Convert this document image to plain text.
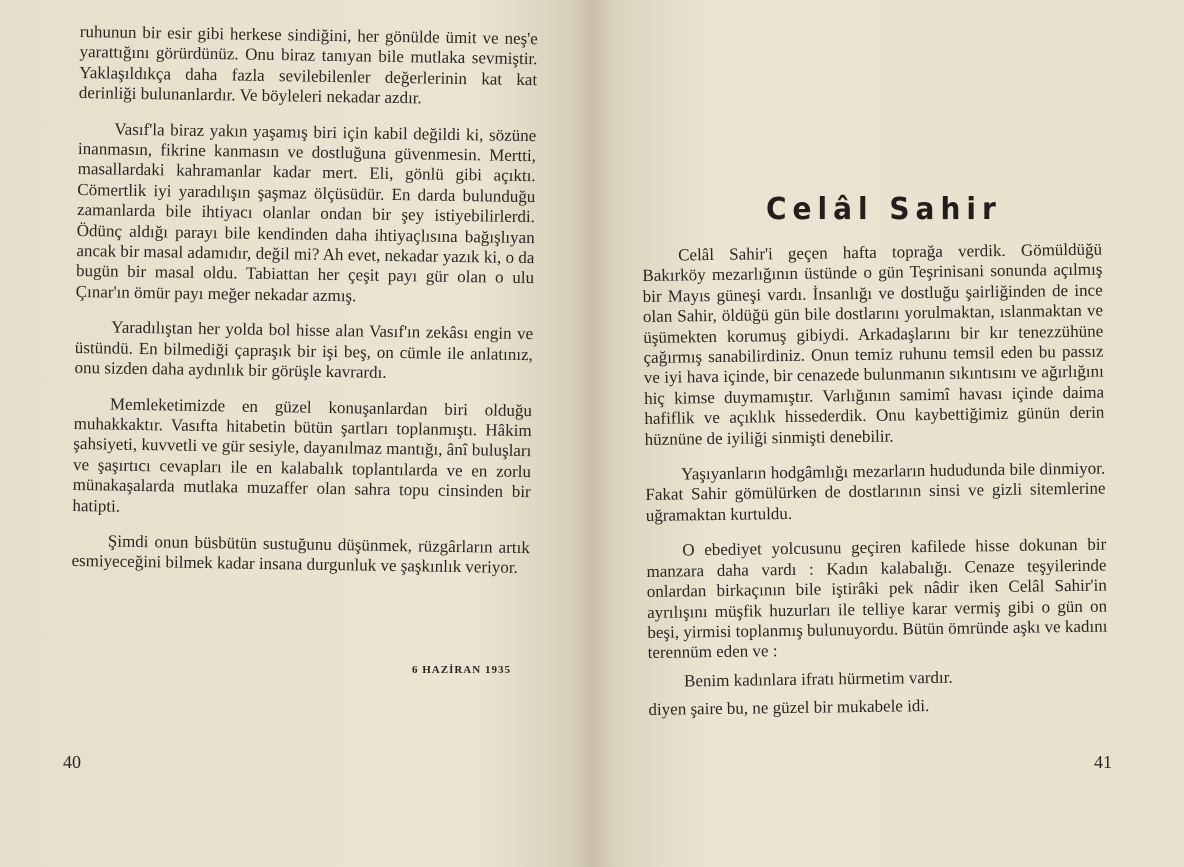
ruhunun bir esir gibi herkese sindiğini, her gönülde ümit ve neş'e yarattığını görürdünüz. Onu biraz tanıyan bile mutlaka sevmiştir. Yaklaşıldıkça daha fazla sevilebilenler değerlerinin kat kat derinliği bulunanlardır. Ve böyleleri nekadar azdır.

Vasıf'la biraz yakın yaşamış biri için kabil değildi ki, sözüne inanmasın, fikrine kanmasın ve dostluğuna güvenmesin. Mertti, masallardaki kahramanlar kadar mert. Eli, gönlü gibi açıktı. Cömertlik iyi yaradılışın şaşmaz ölçüsüdür. En darda bulunduğu zamanlarda bile ihtiyacı olanlar ondan bir şey istiyebilirlerdi. Ödünç aldığı parayı bile kendinden daha ihtiyaçlısına bağışlıyan ancak bir masal adamıdır, değil mi? Ah evet, nekadar yazık ki, o da bugün bir masal oldu. Tabiattan her çeşit payı gür olan o ulu Çınar'ın ömür payı meğer nekadar azmış.

Yaradılıştan her yolda bol hisse alan Vasıf'ın zekâsı engin ve üstündü. En bilmediği çapraşık bir işi beş, on cümle ile anlatınız, onu sizden daha aydınlık bir görüşle kavrardı.

Memleketimizde en güzel konuşanlardan biri olduğu muhakkaktır. Vasıfta hitabetin bütün şartları toplanmıştı. Hâkim şahsiyeti, kuvvetli ve gür sesiyle, dayanılmaz mantığı, ânî buluşları ve şaşırtıcı cevapları ile en kalabalık toplantılarda ve en zorlu münakaşalarda mutlaka muzaffer olan sahra topu cinsinden bir hatipti.

Şimdi onun büsbütün sustuğunu düşünmek, rüzgârların artık esmiyeceğini bilmek kadar insana durgunluk ve şaşkınlık veriyor.

6 HAZİRAN 1935
40
Celâl Sahir

Celâl Sahir'i geçen hafta toprağa verdik. Gömüldüğü Bakırköy mezarlığının üstünde o gün Teşrinisani sonunda açılmış bir Mayıs güneşi vardı. İnsanlığı ve dostluğu şairliğinden de ince olan Sahir, öldüğü gün bile dostlarını yorulmaktan, ıslanmaktan ve üşümekten korumuş gibiydi. Arkadaşlarını bir kır tenezzühüne çağırmış sanabilirdiniz. Onun temiz ruhunu temsil eden bu passız ve iyi hava içinde, bir cenazede bulunmanın sıkıntısını ve ağırlığını hiç kimse duymamıştır. Varlığının samimî havası içinde daima hafiflik ve açıklık hissederdik. Onu kaybettiğimiz günün derin hüznüne de iyiliği sinmişti denebilir.

Yaşıyanların hodgâmlığı mezarların hududunda bile dinmiyor. Fakat Sahir gömülürken de dostlarının sinsi ve gizli sitemlerine uğramaktan kurtuldu.

O ebediyet yolcusunu geçiren kafilede hisse dokunan bir manzara daha vardı : Kadın kalabalığı. Cenaze teşyilerinde onlardan birkaçının bile iştirâki pek nâdir iken Celâl Sahir'in ayrılışını müşfik huzurları ile telliye karar vermiş gibi o gün on beşi, yirmisi toplanmış bulunuyordu. Bütün ömründe aşkı ve kadını terennüm eden ve :

Benim kadınlara ifratı hürmetim vardır.

diyen şaire bu, ne güzel bir mukabele idi.

41
